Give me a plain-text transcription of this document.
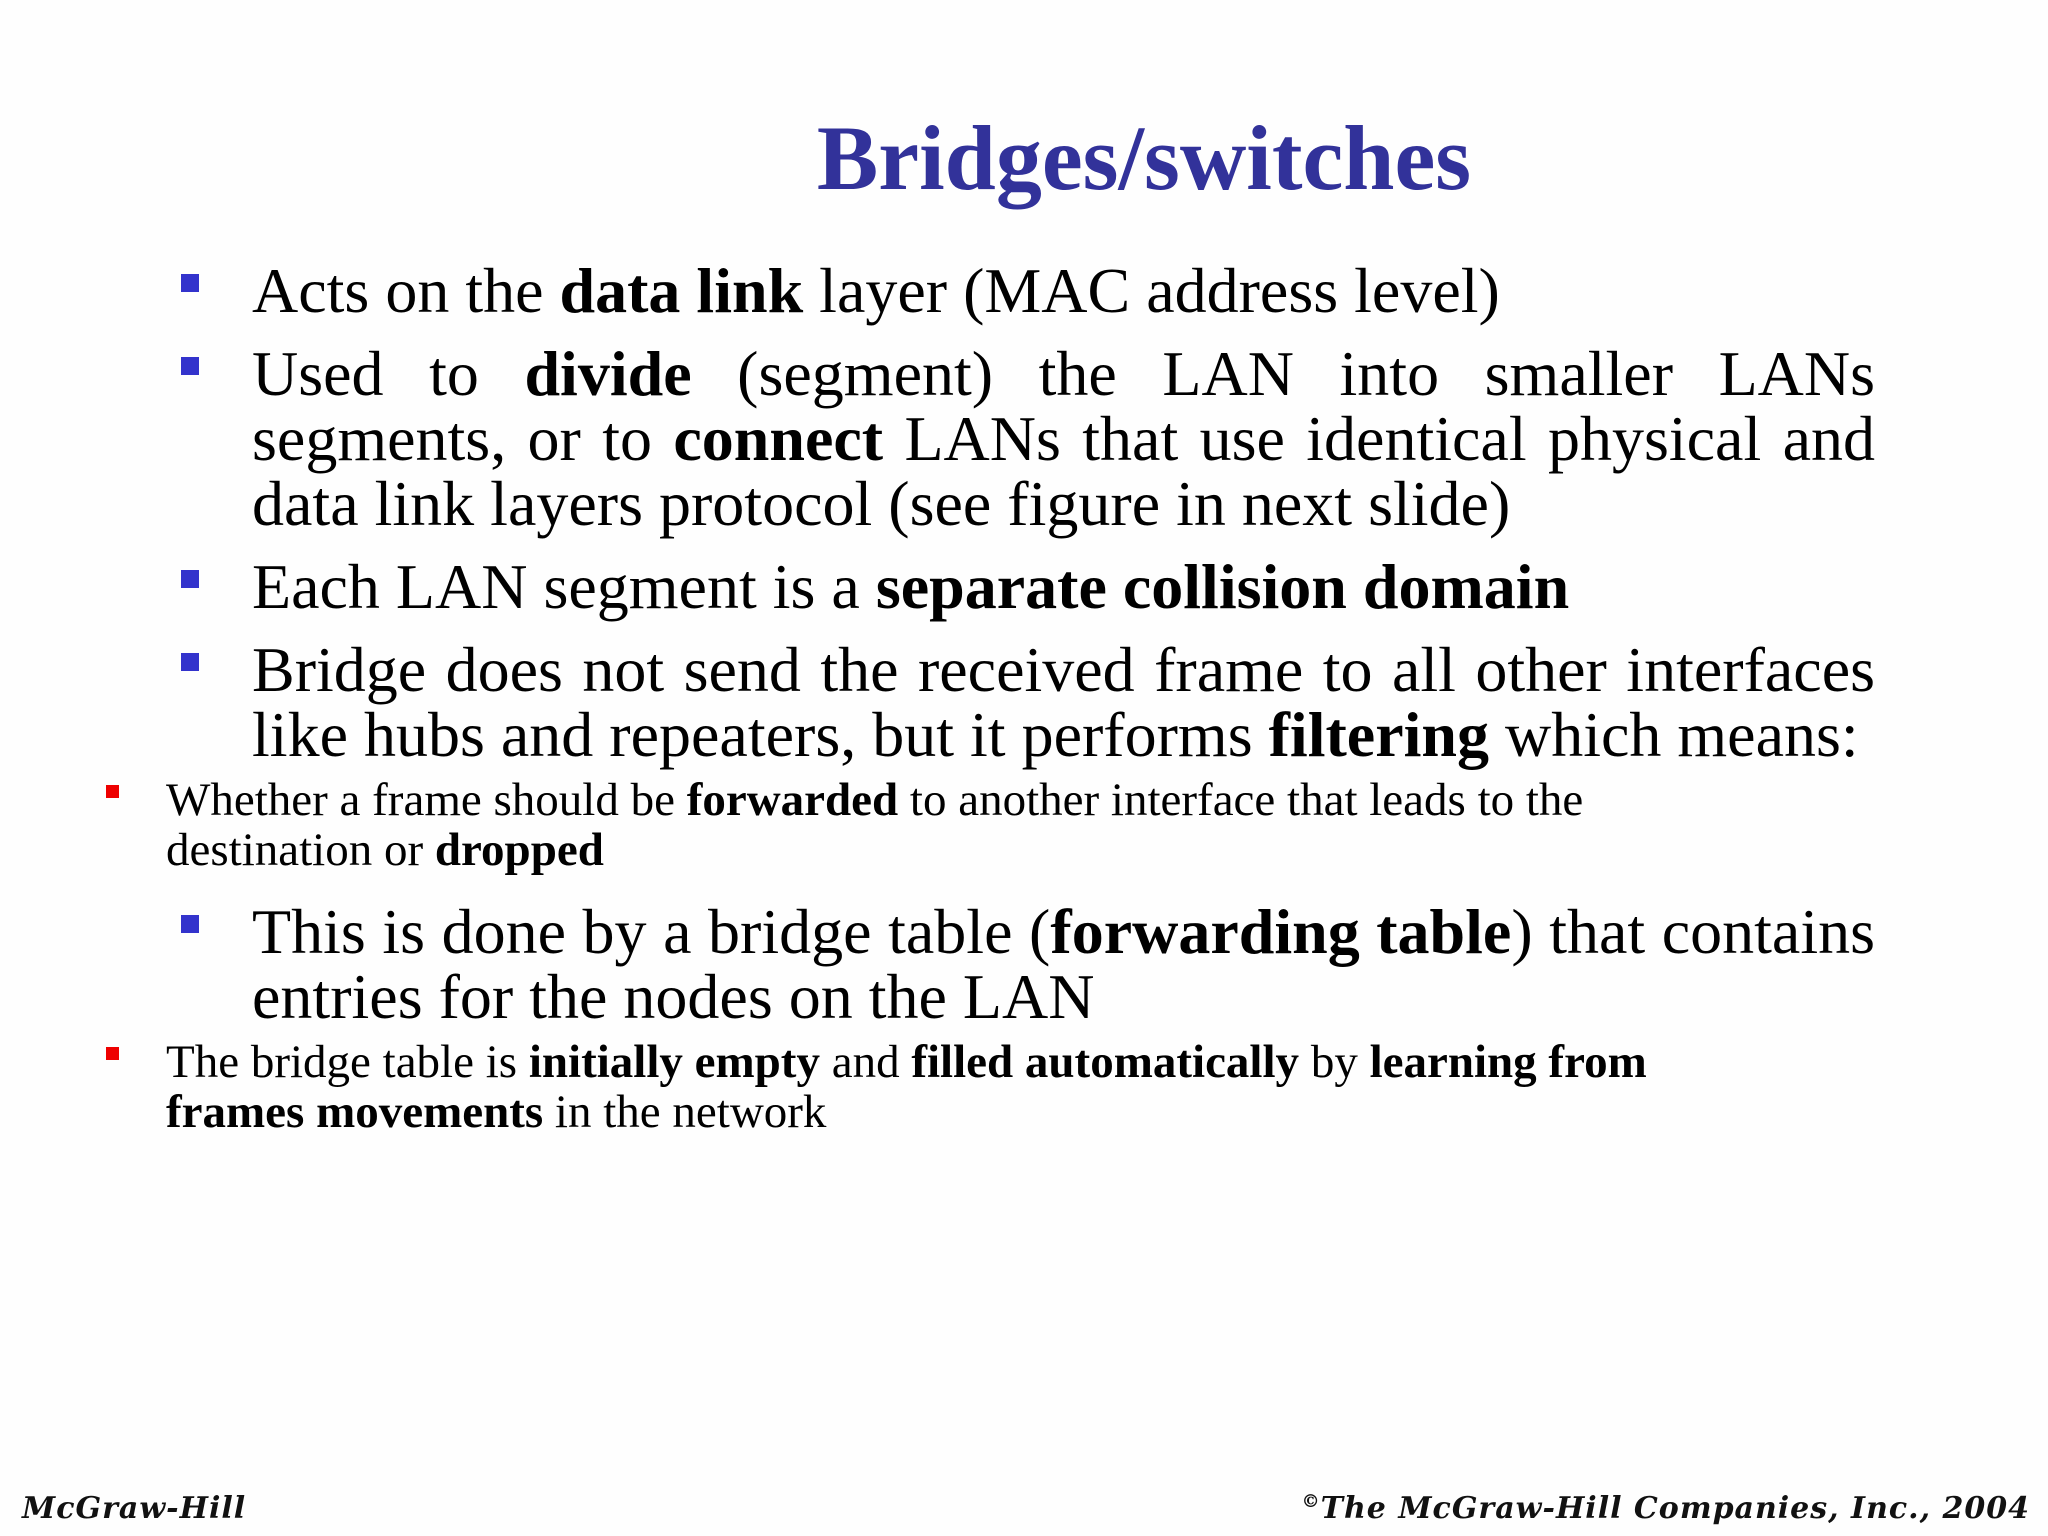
Bridges/switches
Acts on the data link layer (MAC address level)
Used to divide (segment) the LAN into smaller LANs segments, or to connect LANs that use identical physical and data link layers protocol (see figure in next slide)
Each LAN segment is a separate collision domain
Bridge does not send the received frame to all other interfaces like hubs and repeaters, but it performs filtering which means:
Whether a frame should be forwarded to another interface that leads to the destination or dropped
This is done by a bridge table (forwarding table) that contains entries for the nodes on the LAN
The bridge table is initially empty and filled automatically by learning from frames movements in the network
McGraw-Hill	©The McGraw-Hill Companies, Inc., 2004
